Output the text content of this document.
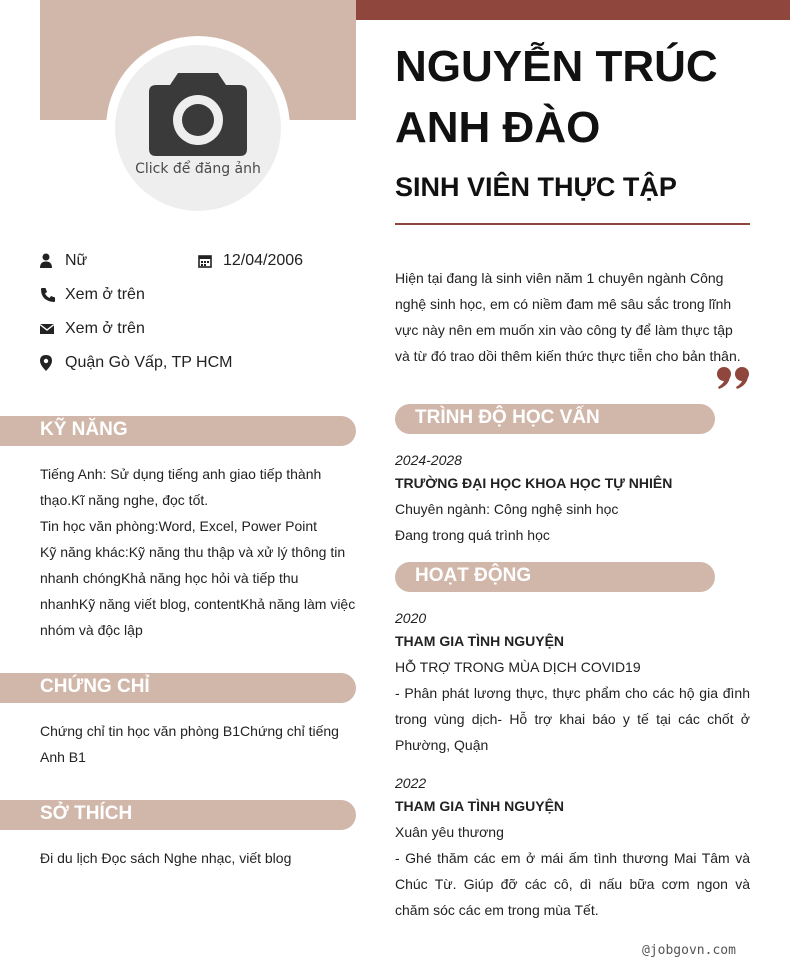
Click để đăng ảnh
Nữ	12/04/2006
Xem ở trên
Xem ở trên
Quận Gò Vấp, TP HCM
KỸ NĂNG

Tiếng Anh: Sử dụng tiếng anh giao tiếp thành thạo.Kĩ năng nghe, đọc tốt.

Tin học văn phòng:Word, Excel, Power Point

Kỹ năng khác:Kỹ năng thu thập và xử lý thông tin nhanh chóngKhả năng học hỏi và tiếp thu nhanhKỹ năng viết blog, contentKhả năng làm việc nhóm và độc lập

CHỨNG CHỈ
Chứng chỉ tin học văn phòng B1Chứng chỉ tiếng Anh B1
SỞ THÍCH
Đi du lịch Đọc sách Nghe nhạc, viết blog
NGUYỄN TRÚC ANH ĐÀO
SINH VIÊN THỰC TẬP
Hiện tại đang là sinh viên năm 1 chuyên ngành Công nghệ sinh học, em có niềm đam mê sâu sắc trong lĩnh vực này nên em muốn xin vào công ty để làm thực tập và từ đó trao dồi thêm kiến thức thực tiễn cho bản thân.
TRÌNH ĐỘ HỌC VẤN
2024-2028
TRƯỜNG ĐẠI HỌC KHOA HỌC TỰ NHIÊN
Chuyên ngành: Công nghệ sinh học
Đang trong quá trình học
HOẠT ĐỘNG
2020
THAM GIA TÌNH NGUYỆN
HỖ TRỢ TRONG MÙA DỊCH COVID19
- Phân phát lương thực, thực phẩm cho các hộ gia đình trong vùng dịch- Hỗ trợ khai báo y tế tại các chốt ở Phường, Quận
2022
THAM GIA TÌNH NGUYỆN
Xuân yêu thương
- Ghé thăm các em ở mái ấm tình thương Mai Tâm và Chúc Từ. Giúp đỡ các cô, dì nấu bữa cơm ngon và chăm sóc các em trong mùa Tết.
@jobgovn.com
